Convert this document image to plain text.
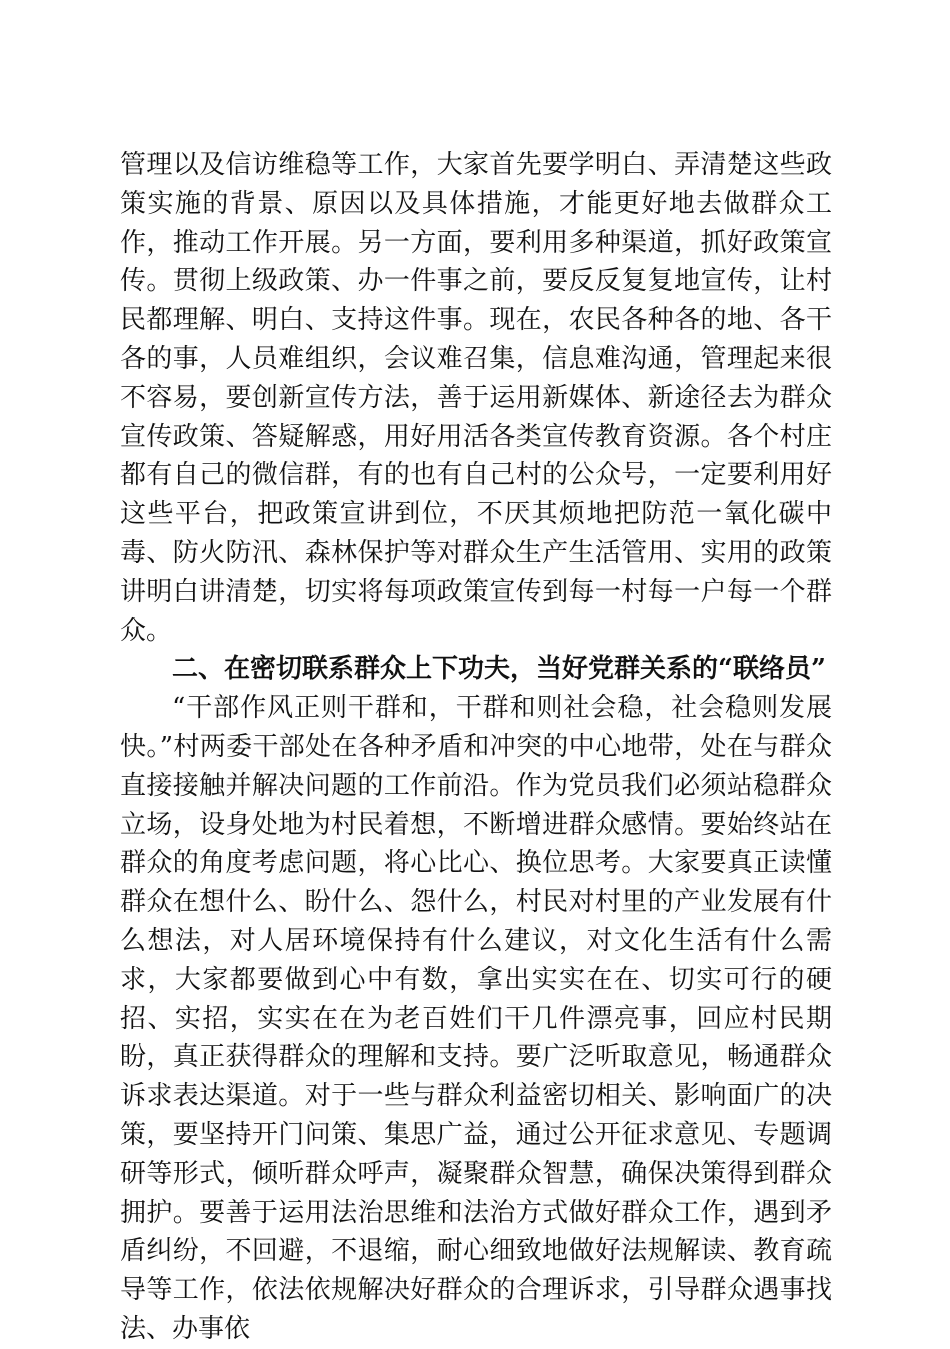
管理以及信访维稳等工作，大家首先要学明白、弄清楚这些政策实施的背景、原因以及具体措施，才能更好地去做群众工作，推动工作开展。另一方面，要利用多种渠道，抓好政策宣传。贯彻上级政策、办一件事之前，要反反复复地宣传，让村民都理解、明白、支持这件事。现在，农民各种各的地、各干各的事，人员难组织，会议难召集，信息难沟通，管理起来很不容易，要创新宣传方法，善于运用新媒体、新途径去为群众宣传政策、答疑解惑，用好用活各类宣传教育资源。各个村庄都有自己的微信群，有的也有自己村的公众号，一定要利用好这些平台，把政策宣讲到位，不厌其烦地把防范一氧化碳中毒、防火防汛、森林保护等对群众生产生活管用、实用的政策讲明白讲清楚，切实将每项政策宣传到每一村每一户每一个群众。

二、在密切联系群众上下功夫，当好党群关系的“联络员”

“干部作风正则干群和，干群和则社会稳，社会稳则发展快。”村两委干部处在各种矛盾和冲突的中心地带，处在与群众直接接触并解决问题的工作前沿。作为党员我们必须站稳群众立场，设身处地为村民着想，不断增进群众感情。要始终站在群众的角度考虑问题，将心比心、换位思考。大家要真正读懂群众在想什么、盼什么、怨什么，村民对村里的产业发展有什么想法，对人居环境保持有什么建议，对文化生活有什么需求，大家都要做到心中有数，拿出实实在在、切实可行的硬招、实招，实实在在为老百姓们干几件漂亮事，回应村民期盼，真正获得群众的理解和支持。要广泛听取意见，畅通群众诉求表达渠道。对于一些与群众利益密切相关、影响面广的决策，要坚持开门问策、集思广益，通过公开征求意见、专题调研等形式，倾听群众呼声，凝聚群众智慧，确保决策得到群众拥护。要善于运用法治思维和法治方式做好群众工作，遇到矛盾纠纷，不回避，不退缩，耐心细致地做好法规解读、教育疏导等工作，依法依规解决好群众的合理诉求，引导群众遇事找法、办事依
